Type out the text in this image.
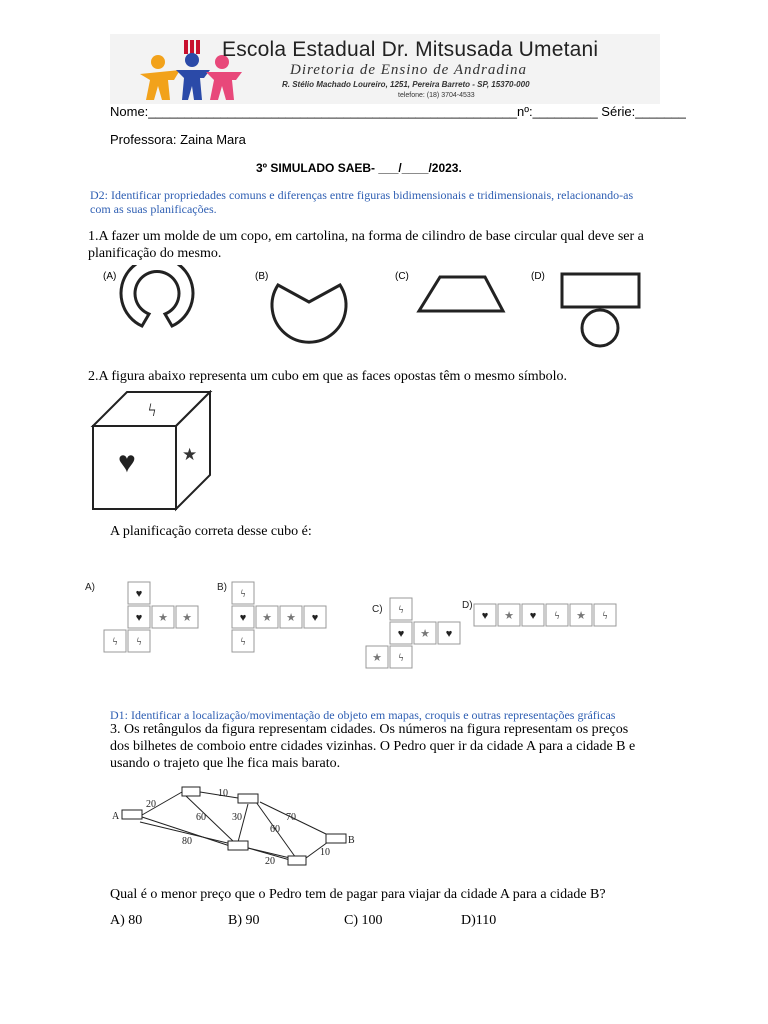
Escola Estadual Dr. Mitsusada Umetani
Diretoria de Ensino de Andradina
R. Stélio Machado Loureiro, 1251, Pereira Barreto - SP, 15370-000
telefone: (18) 3704-4533
Nome:___________________________________________________nº:_________ Série:_______
Professora: Zaina Mara
3º SIMULADO SAEB- ___/____/2023.
D2: Identificar propriedades comuns e diferenças entre figuras bidimensionais e tridimensionais, relacionando-as com as suas planificações.
1.A fazer um molde de um copo, em cartolina, na forma de cilindro de base circular qual deve ser a planificação do mesmo.
(A)	(B)	(C)	(D)
2.A figura abaixo representa um cubo em que as faces opostas têm o mesmo símbolo.
ϟ
♥	★
A planificação correta desse cubo é:
A)	B)
C)	D)
♥
♥ ★ ★
ϟ ϟ
ϟ
♥ ★ ★ ♥
ϟ
ϟ
♥ ★ ♥
★ ϟ
♥ ★ ♥ ϟ ★ ϟ
D1: Identificar a localização/movimentação de objeto em mapas, croquis e outras representações gráficas
3. Os retângulos da figura representam cidades. Os números na figura representam os preços dos bilhetes de comboio entre cidades vizinhas. O Pedro quer ir da cidade A para a cidade B e usando o trajeto que lhe fica mais barato.
A
B
20
10
60	30	70
60
80
20
10
Qual é o menor preço que o Pedro tem de pagar para viajar da cidade A para a cidade B?
A) 80	B) 90	C) 100	D)110
